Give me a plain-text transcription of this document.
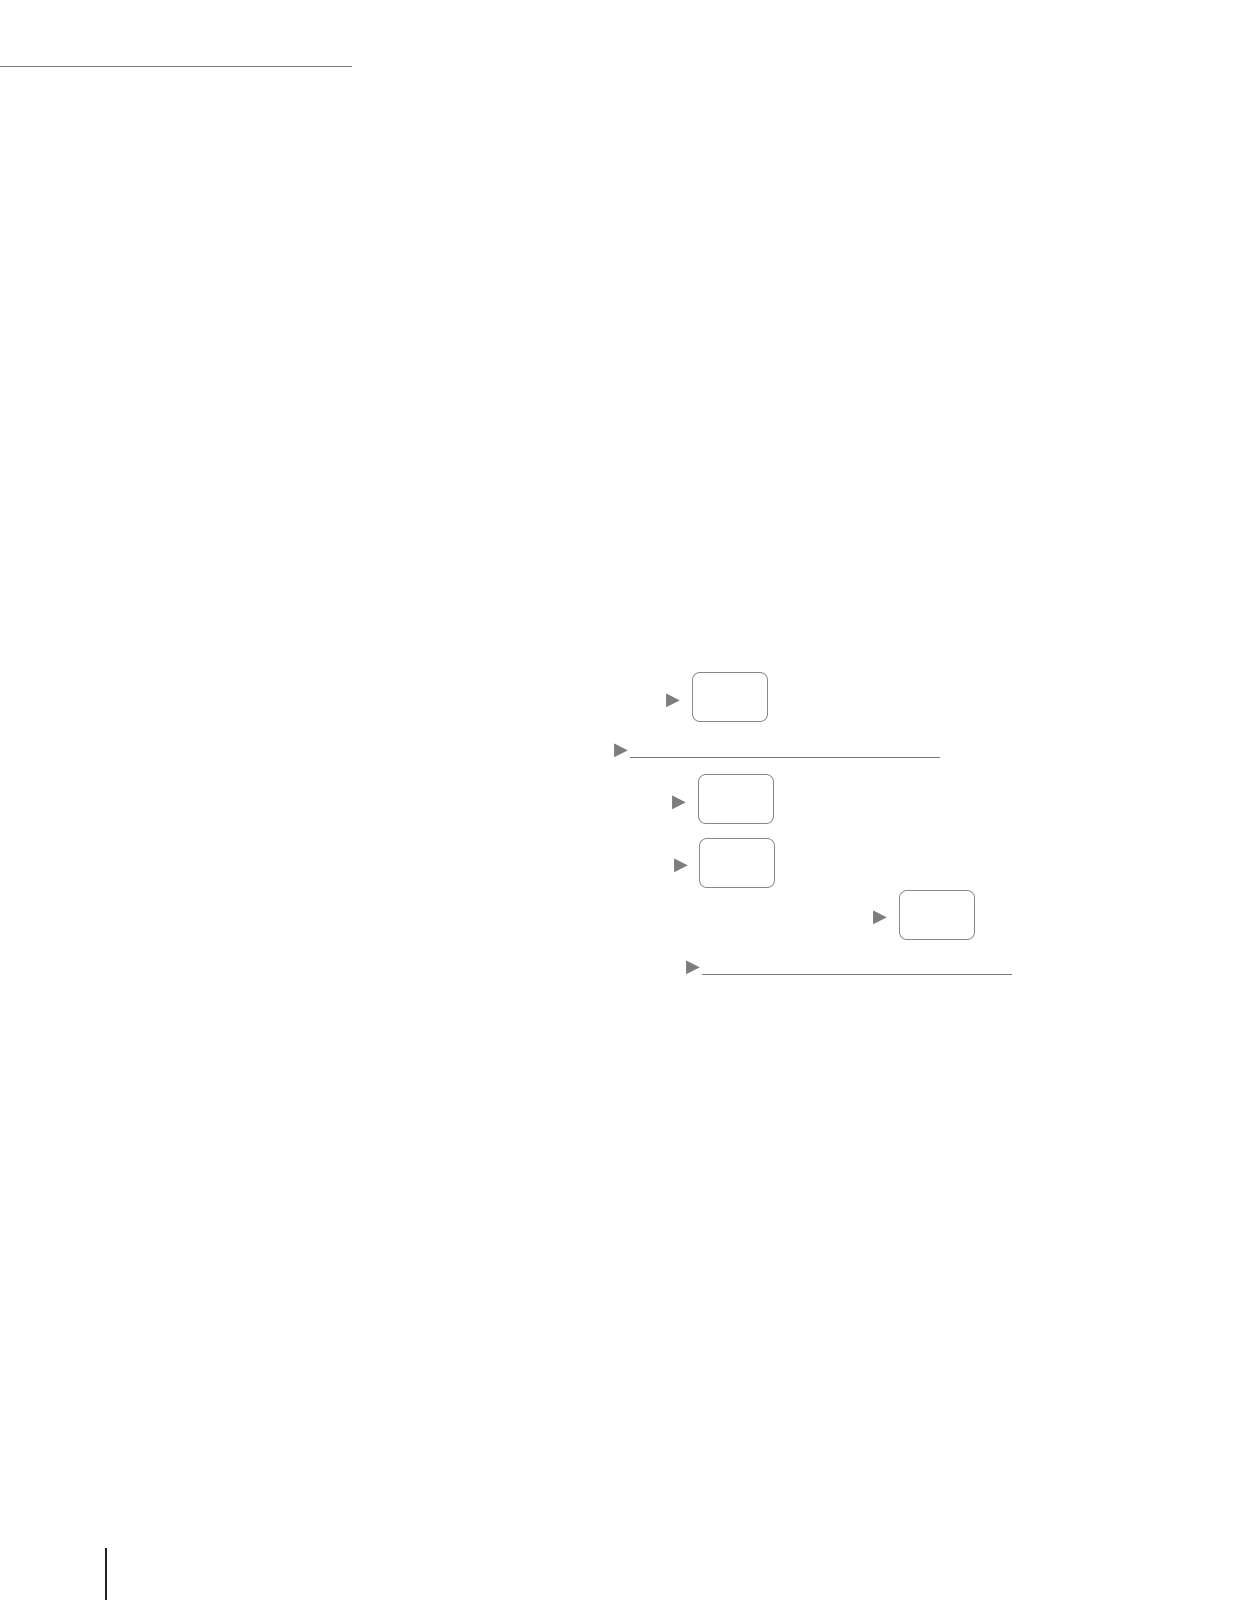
▶
▶
▶
▶
▶
▶
